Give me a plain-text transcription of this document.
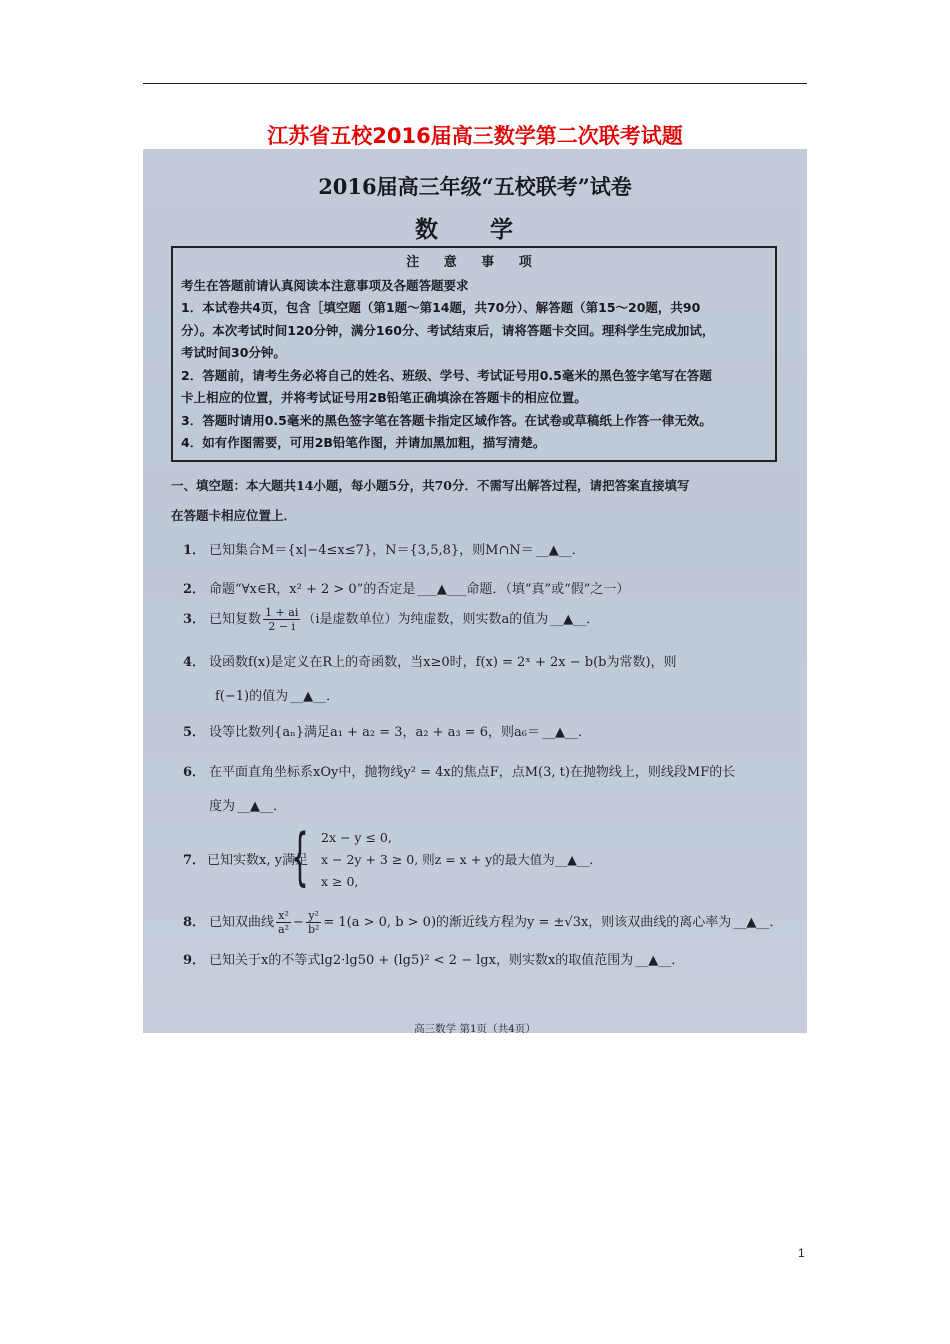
江苏省五校2016届高三数学第二次联考试题
2016届高三年级“五校联考”试卷
数 学
注 意 事 项
考生在答题前请认真阅读本注意事项及各题答题要求
1．本试卷共4页，包含［填空题（第1题～第14题，共70分）、解答题（第15～20题，共90
分）。本次考试时间120分钟，满分160分、考试结束后，请将答题卡交回。理科学生完成加试，
考试时间30分钟。
2．答题前，请考生务必将自己的姓名、班级、学号、考试证号用0.5毫米的黑色签字笔写在答题
卡上相应的位置，并将考试证号用2B铅笔正确填涂在答题卡的相应位置。
3．答题时请用0.5毫米的黑色签字笔在答题卡指定区域作答。在试卷或草稿纸上作答一律无效。
4．如有作图需要，可用2B铅笔作图，并请加黑加粗，描写清楚。
一、填空题：本大题共14小题，每小题5分，共70分．不需写出解答过程，请把答案直接填写
在答题卡相应位置上．
1． 已知集合M＝{x|−4≤x≤7}，N＝{3,5,8}，则M∩N＝ __▲__．
2． 命题“∀x∈R，x² + 2 > 0”的否定是 ___▲___命题．（填“真”或“假”之一）
3． 已知复数 $\frac{1 + ai}{2 - i} (i$是虚数单位）为纯虚数，则实数a的值为 __▲__．
4． 设函数f(x)是定义在R上的奇函数，当x≥0时，f(x) = 2ˣ + 2x − b(b为常数)，则
f(−1)的值为 __▲__．
5． 设等比数列{aₙ}满足a₁ + a₂ = 3，a₂ + a₃ = 6，则a₆＝ __▲__．
6． 在平面直角坐标系xOy中，抛物线y² = 4x的焦点F，点M(3, t)在抛物线上，则线段MF的长
度为 __▲__．
7． 已知实数x, y满足
{ 2x − y ≤ 0,
x − 2y + 3 ≥ 0, 则z = x + y的最大值为__▲__．
x ≥ 0,
8． 已知双曲线 $\frac{\text{x²}}{\text{a²}} - \frac{\text{y²}}{\text{b²}} = 1(a > 0$, b > 0)的渐近线方程为y = ±√3x，则该双曲线的离心率为 __▲__．
9． 已知关于x的不等式lg2·lg50 + (lg5)² < 2 − lgx，则实数x的取值范围为 __▲__．
高三数学 第1页（共4页）
1
